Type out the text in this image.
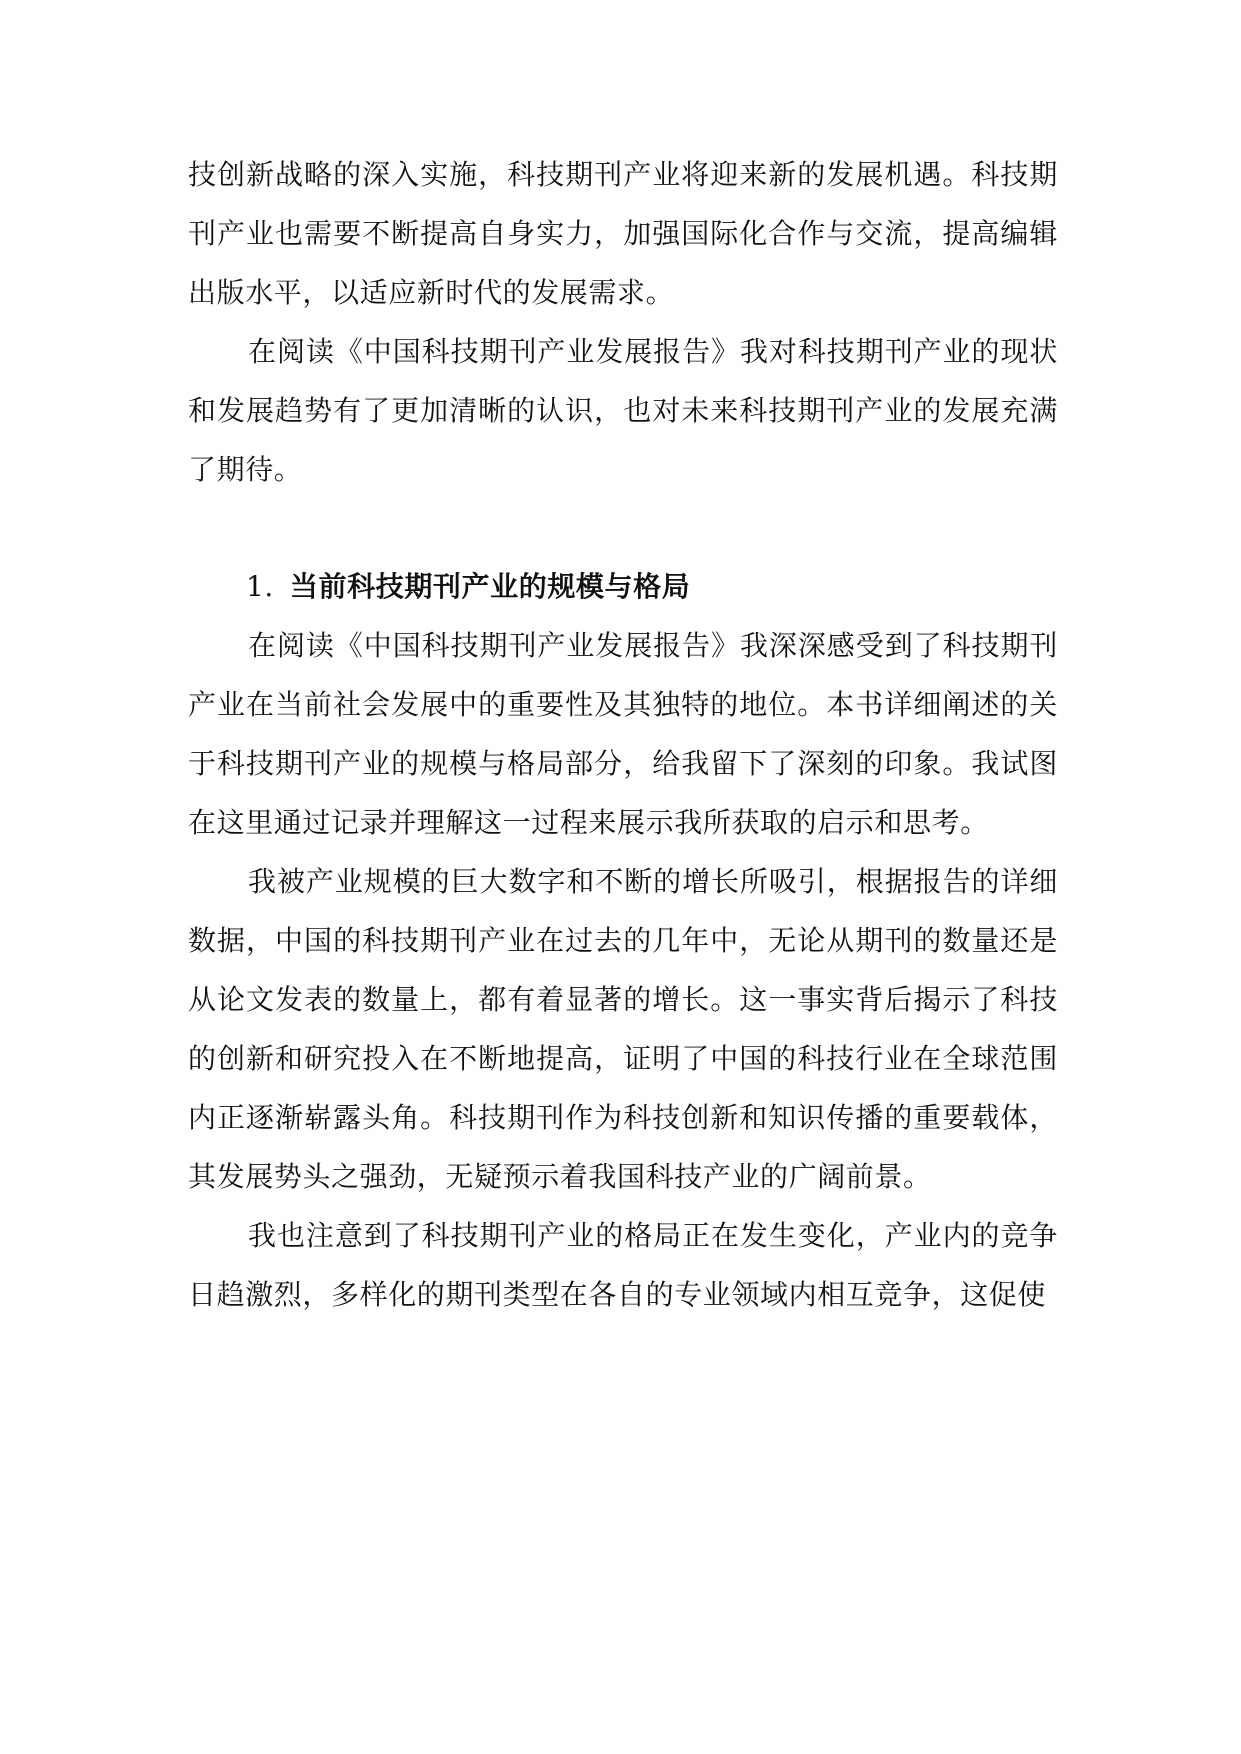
技创新战略的深入实施，科技期刊产业将迎来新的发展机遇。科技期刊产业也需要不断提高自身实力，加强国际化合作与交流，提高编辑出版水平，以适应新时代的发展需求。

在阅读《中国科技期刊产业发展报告》我对科技期刊产业的现状和发展趋势有了更加清晰的认识，也对未来科技期刊产业的发展充满了期待。

1. 当前科技期刊产业的规模与格局

在阅读《中国科技期刊产业发展报告》我深深感受到了科技期刊产业在当前社会发展中的重要性及其独特的地位。本书详细阐述的关于科技期刊产业的规模与格局部分，给我留下了深刻的印象。我试图在这里通过记录并理解这一过程来展示我所获取的启示和思考。

我被产业规模的巨大数字和不断的增长所吸引，根据报告的详细数据，中国的科技期刊产业在过去的几年中，无论从期刊的数量还是从论文发表的数量上，都有着显著的增长。这一事实背后揭示了科技的创新和研究投入在不断地提高，证明了中国的科技行业在全球范围内正逐渐崭露头角。科技期刊作为科技创新和知识传播的重要载体，其发展势头之强劲，无疑预示着我国科技产业的广阔前景。

我也注意到了科技期刊产业的格局正在发生变化，产业内的竞争日趋激烈，多样化的期刊类型在各自的专业领域内相互竞争，这促使
